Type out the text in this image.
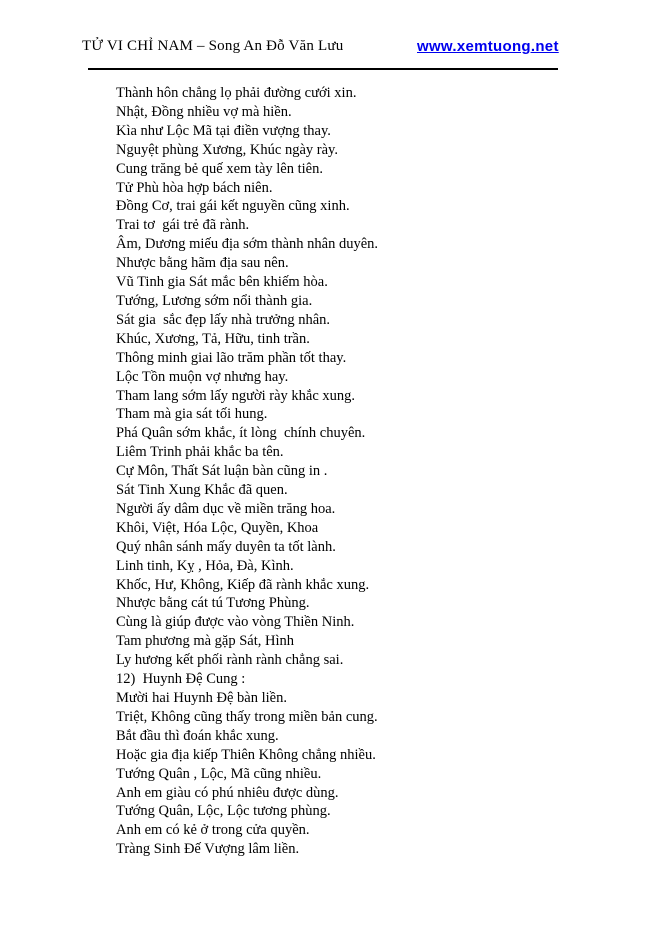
TỬ VI CHỈ NAM – Song An Đỗ Văn Lưu	www.xemtuong.net
Thành hôn chẳng lọ phải đường cưới xin.
Nhật, Đồng nhiều vợ mà hiền.
Kìa như Lộc Mã tại điền vượng thay.
Nguyệt phùng Xương, Khúc ngày rày.
Cung trăng bẻ quế xem tày lên tiên.
Tử Phù hòa hợp bách niên.
Đồng Cơ, trai gái kết nguyền cũng xinh.
Trai tơ  gái trẻ đã rành.
Âm, Dương miếu địa sớm thành nhân duyên.
Nhược bằng hãm địa sau nên.
Vũ Tinh gia Sát mắc bên khiếm hòa.
Tướng, Lương sớm nổi thành gia.
Sát gia  sắc đẹp lấy nhà trưởng nhân.
Khúc, Xương, Tả, Hữu, tinh trần.
Thông minh giai lão trăm phần tốt thay.
Lộc Tồn muộn vợ nhưng hay.
Tham lang sớm lấy người rày khắc xung.
Tham mà gia sát tối hung.
Phá Quân sớm khắc, ít lòng  chính chuyên.
Liêm Trinh phải khắc ba tên.
Cự Môn, Thất Sát luận bàn cũng in .
Sát Tinh Xung Khắc đã quen.
Người ấy dâm dục về miền trăng hoa.
Khôi, Việt, Hóa Lộc, Quyền, Khoa
Quý nhân sánh mấy duyên ta tốt lành.
Linh tinh, Kỵ , Hỏa, Đà, Kình.
Khốc, Hư, Không, Kiếp đã rành khắc xung.
Nhược bằng cát tú Tương Phùng.
Cùng là giúp được vào vòng Thiền Ninh.
Tam phương mà gặp Sát, Hình
Ly hương kết phối rành rành chẳng sai.
12)  Huynh Đệ Cung :
Mười hai Huynh Đệ bàn liền.
Triệt, Không cũng thấy trong miền bản cung.
Bắt đầu thì đoán khắc xung.
Hoặc gia địa kiếp Thiên Không chẳng nhiều.
Tướng Quân , Lộc, Mã cũng nhiều.
Anh em giàu có phú nhiêu được dùng.
Tướng Quân, Lộc, Lộc tương phùng.
Anh em có kẻ ở trong cửa quyền.
Tràng Sinh Đế Vượng lâm liền.
